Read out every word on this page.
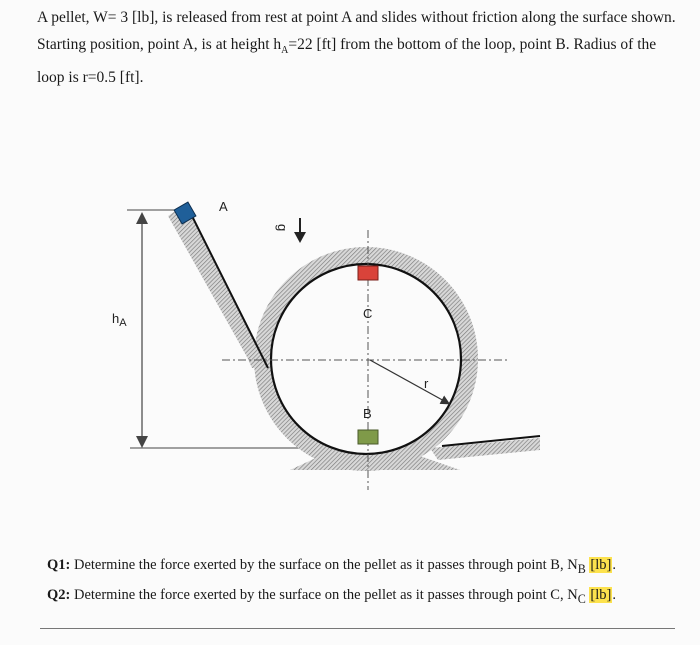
A pellet, W= 3 [lb], is released from rest at point A and slides without friction along the surface shown. Starting position, point A, is at height $h_A=22$ [ft] from the bottom of the loop, point B. Radius of the loop is r=0.5 [ft].
A
g
$h_A$
C
B
r
Q1: Determine the force exerted by the surface on the pellet as it passes through point B, $N_B$ [lb].
Q2: Determine the force exerted by the surface on the pellet as it passes through point C, $N_C$ [lb].
